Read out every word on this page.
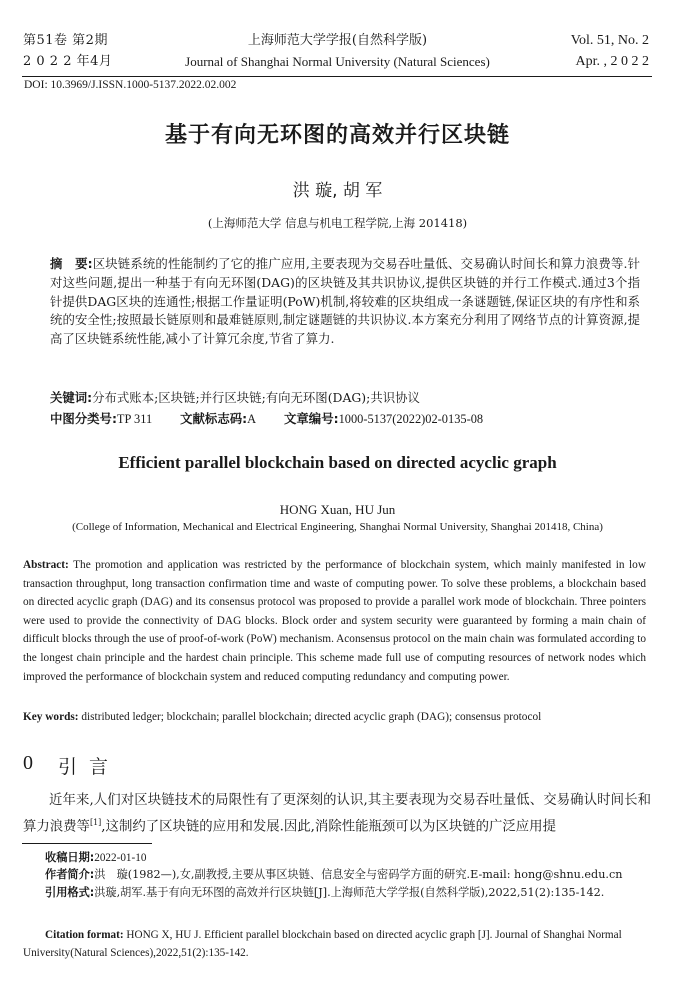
第51卷 第2期
2 0 2 2 年4月
上海师范大学学报(自然科学版)
Journal of Shanghai Normal University (Natural Sciences)
Vol. 51, No. 2
Apr. , 2 0 2 2
DOI: 10.3969/J.ISSN.1000-5137.2022.02.002
基于有向无环图的高效并行区块链
洪 璇, 胡 军
(上海师范大学 信息与机电工程学院,上海 201418)
摘　要:区块链系统的性能制约了它的推广应用,主要表现为交易吞吐量低、交易确认时间长和算力浪费等.针对这些问题,提出一种基于有向无环图(DAG)的区块链及其共识协议,提供区块链的并行工作模式.通过3个指针提供DAG区块的连通性;根据工作量证明(PoW)机制,将较难的区块组成一条谜题链,保证区块的有序性和系统的安全性;按照最长链原则和最难链原则,制定谜题链的共识协议.本方案充分利用了网络节点的计算资源,提高了区块链系统性能,减小了计算冗余度,节省了算力.
关键词:分布式账本;区块链;并行区块链;有向无环图(DAG);共识协议
中图分类号:TP 311 文献标志码:A 文章编号:1000-5137(2022)02-0135-08
Efficient parallel blockchain based on directed acyclic graph
HONG Xuan, HU Jun
(College of Information, Mechanical and Electrical Engineering, Shanghai Normal University, Shanghai 201418, China)
Abstract: The promotion and application was restricted by the performance of blockchain system, which mainly manifested in low transaction throughput, long transaction confirmation time and waste of computing power. To solve these problems, a blockchain based on directed acyclic graph (DAG) and its consensus protocol was proposed to provide a parallel work mode of blockchain. Three pointers were used to provide the connectivity of DAG blocks. Block order and system security were guaranteed by forming a main chain of difficult blocks through the use of proof-of-work (PoW) mechanism. Aconsensus protocol on the main chain was formulated according to the longest chain principle and the hardest chain principle. This scheme made full use of computing resources of network nodes which improved the performance of blockchain system and reduced computing redundancy and computing power.
Key words: distributed ledger; blockchain; parallel blockchain; directed acyclic graph (DAG); consensus protocol
0 引言
近年来,人们对区块链技术的局限性有了更深刻的认识,其主要表现为交易吞吐量低、交易确认时间长和算力浪费等[1],这制约了区块链的应用和发展.因此,消除性能瓶颈可以为区块链的广泛应用提
收稿日期:2022-01-10
作者简介:洪　璇(1982—),女,副教授,主要从事区块链、信息安全与密码学方面的研究.E-mail: hong@shnu.edu.cn
引用格式:洪璇,胡军.基于有向无环图的高效并行区块链[J].上海师范大学学报(自然科学版),2022,51(2):135-142.
Citation format: HONG X, HU J. Efficient parallel blockchain based on directed acyclic graph [J]. Journal of Shanghai Normal University(Natural Sciences),2022,51(2):135-142.
